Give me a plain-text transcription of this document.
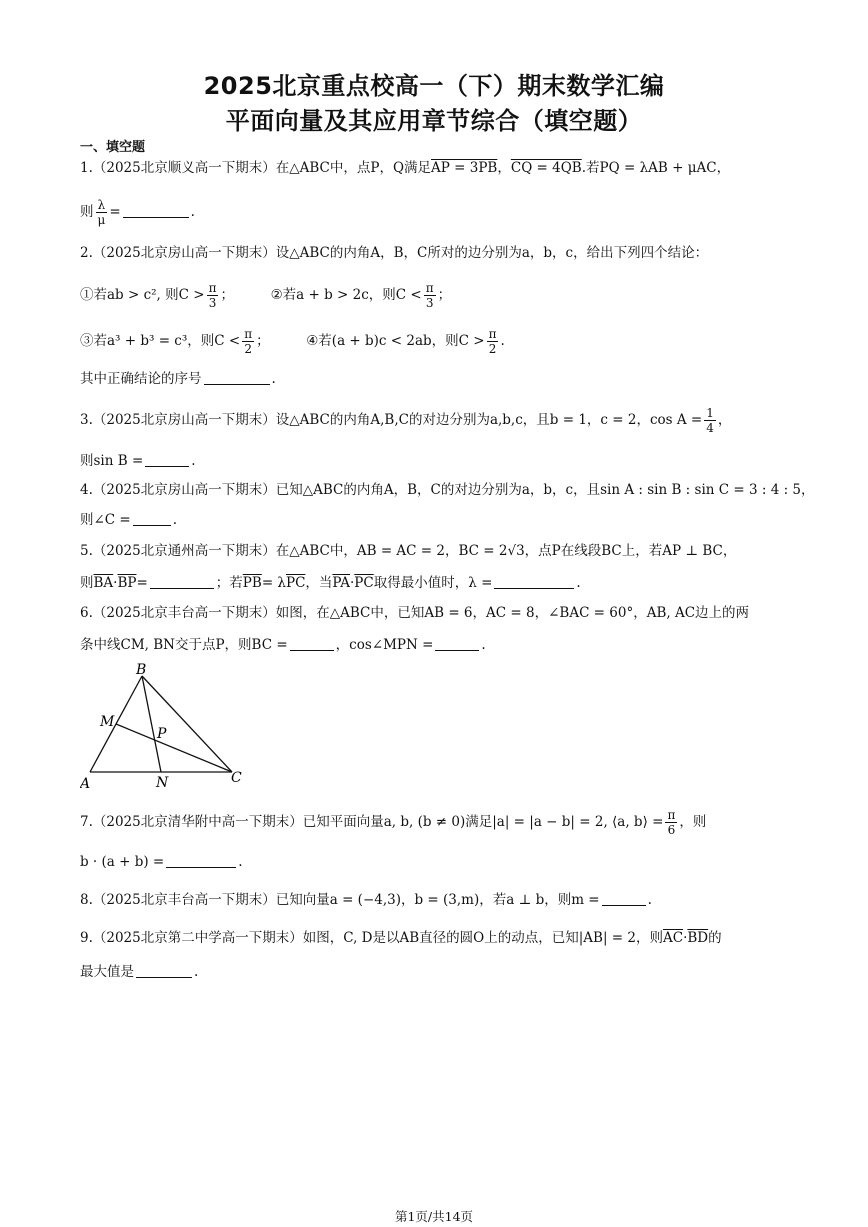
2025北京重点校高一（下）期末数学汇编
平面向量及其应用章节综合（填空题）
一、填空题
1.（2025北京顺义高一下期末）在△ABC中，点P，Q满足AP = 3PB，CQ = 4QB.若PQ = λAB + μAC，
则 $\frac{\lambda}{\mu}$ =	.
2.（2025北京房山高一下期末）设△ABC的内角A，B，C所对的边分别为a，b，c，给出下列四个结论：
①若ab > c², 则$C > \frac{\pi}{3}$ ；	②若a + b > 2c，则$C < \frac{\pi}{3}$ ；
③若a³ + b³ = c³，则$C < \frac{\pi}{2}$ ；	④若(a + b)c < 2ab，则$C > \frac{\pi}{2}$ .
其中正确结论的序号	.
3.（2025北京房山高一下期末）设△ABC的内角A,B,C的对边分别为a,b,c，且b = 1，c = 2，$\cos A = \frac{1}{4}$ ，
则sin B =	.
4.（2025北京房山高一下期末）已知△ABC的内角A，B，C的对边分别为a，b，c，且sin A : sin B : sin C = 3 : 4 : 5，
则∠C =	.
5.（2025北京通州高一下期末）在△ABC中，AB = AC = 2，BC = 2√3，点P在线段BC上，若AP ⊥ BC，
则$\overline{BA}\cdot\overline{BP}=$	；若$\overline{PB}= \lambda\overline{PC}$，当$\overline{PA}\cdot\overline{PC}$取得最小值时，λ =	.
6.（2025北京丰台高一下期末）如图，在△ABC中，已知AB = 6，AC = 8，∠BAC = 60°，AB, AC边上的两
条中线CM, BN交于点P，则BC =	，cos∠MPN =	.
B
A	C
M
N
P
7.（2025北京清华附中高一下期末）已知平面向量a, b, (b ≠ 0)满足|a| = |a − b| = 2, ⟨a, b⟩ = $\frac{\pi}{6}$ ，则
b · (a + b) =	.
8.（2025北京丰台高一下期末）已知向量a = (−4,3)，b = (3,m)，若a ⊥ b，则m =	.
9.（2025北京第二中学高一下期末）如图，C, D是以AB直径的圆O上的动点，已知|AB| = 2，则$\overline{AC}\cdot\overline{BD}$的
最大值是	.
第1页/共14页
